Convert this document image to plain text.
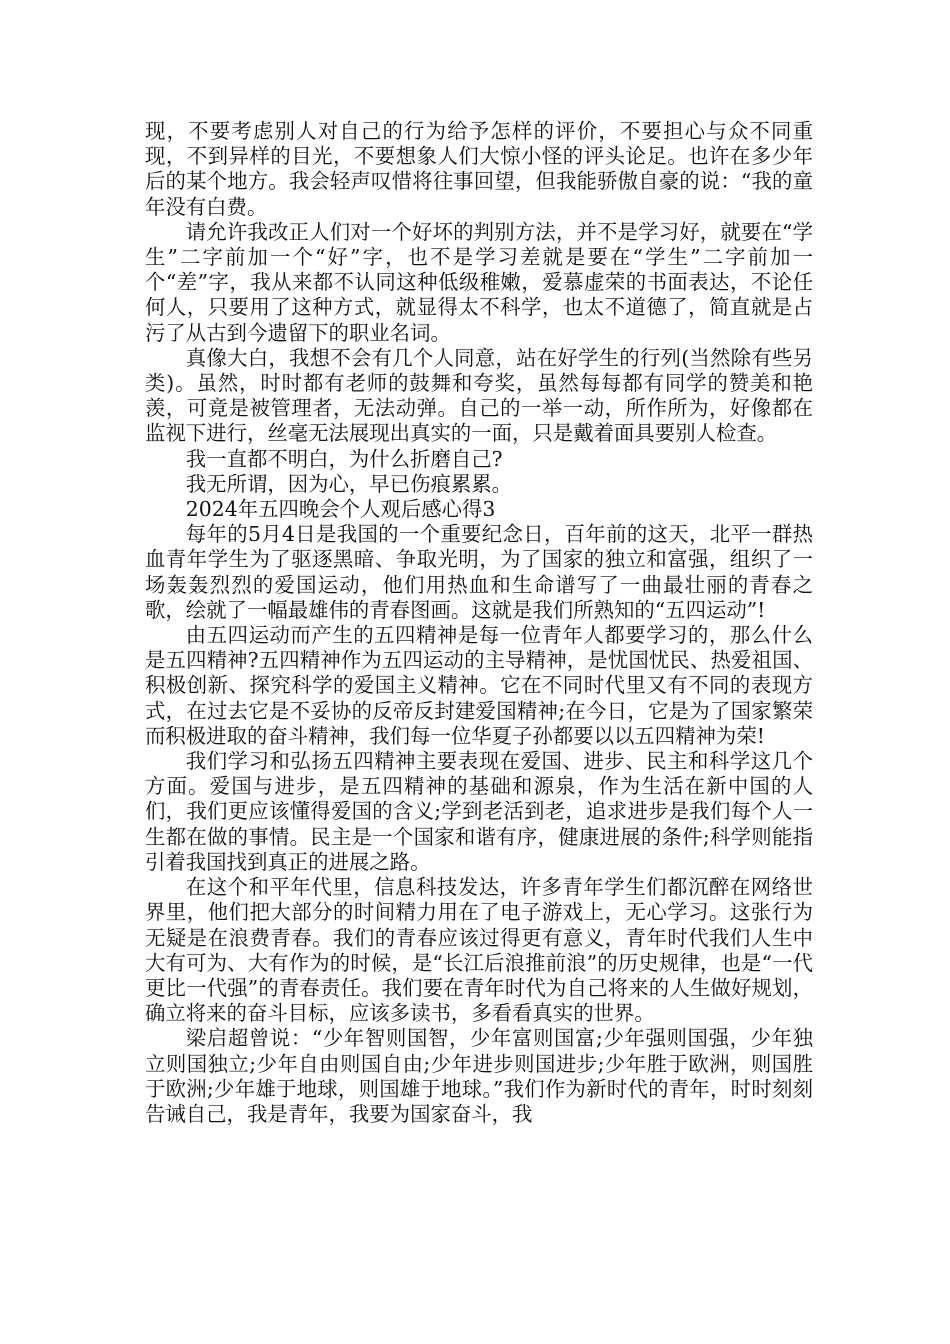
现，不要考虑别人对自己的行为给予怎样的评价，不要担心与众不同重现，不到异样的目光，不要想象人们大惊小怪的评头论足。也许在多少年后的某个地方。我会轻声叹惜将往事回望，但我能骄傲自豪的说：“我的童年没有白费。

请允许我改正人们对一个好坏的判别方法，并不是学习好，就要在“学生”二字前加一个“好”字，也不是学习差就是要在“学生”二字前加一个“差”字，我从来都不认同这种低级稚嫩，爱慕虚荣的书面表达，不论任何人，只要用了这种方式，就显得太不科学，也太不道德了，简直就是占污了从古到今遗留下的职业名词。

真像大白，我想不会有几个人同意，站在好学生的行列(当然除有些另类)。虽然，时时都有老师的鼓舞和夸奖，虽然每每都有同学的赞美和艳羡，可竟是被管理者，无法动弹。自己的一举一动，所作所为，好像都在监视下进行，丝毫无法展现出真实的一面，只是戴着面具要别人检查。

我一直都不明白，为什么折磨自己?

我无所谓，因为心，早已伤痕累累。

2024年五四晚会个人观后感心得3

每年的5月4日是我国的一个重要纪念日，百年前的这天，北平一群热血青年学生为了驱逐黑暗、争取光明，为了国家的独立和富强，组织了一场轰轰烈烈的爱国运动，他们用热血和生命谱写了一曲最壮丽的青春之歌，绘就了一幅最雄伟的青春图画。这就是我们所熟知的“五四运动”!

由五四运动而产生的五四精神是每一位青年人都要学习的，那么什么是五四精神?五四精神作为五四运动的主导精神，是忧国忧民、热爱祖国、积极创新、探究科学的爱国主义精神。它在不同时代里又有不同的表现方式，在过去它是不妥协的反帝反封建爱国精神;在今日，它是为了国家繁荣而积极进取的奋斗精神，我们每一位华夏子孙都要以以五四精神为荣!

我们学习和弘扬五四精神主要表现在爱国、进步、民主和科学这几个方面。爱国与进步，是五四精神的基础和源泉，作为生活在新中国的人们，我们更应该懂得爱国的含义;学到老活到老，追求进步是我们每个人一生都在做的事情。民主是一个国家和谐有序，健康进展的条件;科学则能指引着我国找到真正的进展之路。

在这个和平年代里，信息科技发达，许多青年学生们都沉醉在网络世界里，他们把大部分的时间精力用在了电子游戏上，无心学习。这张行为无疑是在浪费青春。我们的青春应该过得更有意义，青年时代我们人生中大有可为、大有作为的时候，是“长江后浪推前浪”的历史规律，也是“一代更比一代强”的青春责任。我们要在青年时代为自己将来的人生做好规划，确立将来的奋斗目标，应该多读书，多看看真实的世界。

梁启超曾说：“少年智则国智，少年富则国富;少年强则国强，少年独立则国独立;少年自由则国自由;少年进步则国进步;少年胜于欧洲，则国胜于欧洲;少年雄于地球，则国雄于地球。”我们作为新时代的青年，时时刻刻告诫自己，我是青年，我要为国家奋斗，我
